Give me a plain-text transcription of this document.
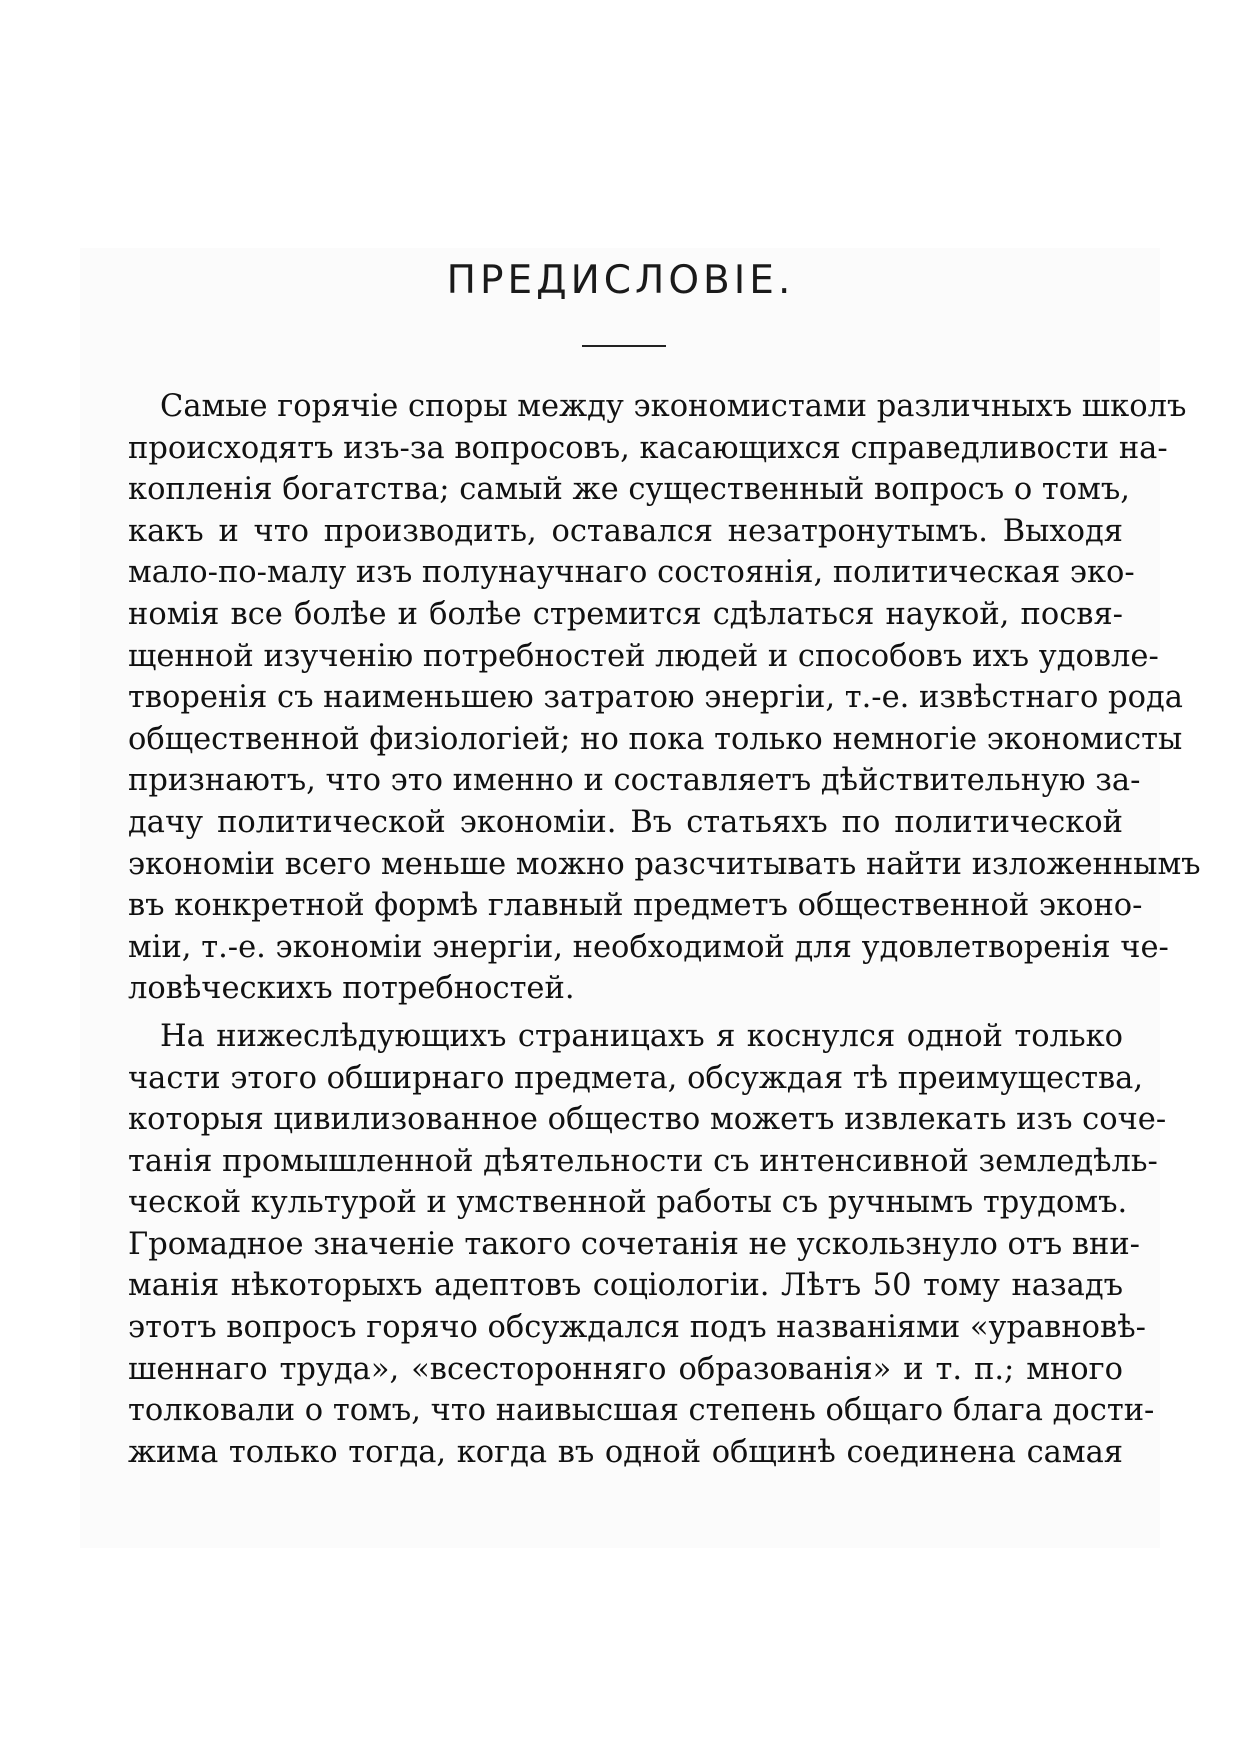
ПРЕДИСЛОВIЕ.
Самые горячiе споры между экономистами различныхъ школъ
происходятъ изъ-за вопросовъ, касающихся справедливости на-
копленiя богатства; самый же существенный вопросъ о томъ,
какъ и что производить, оставался незатронутымъ. Выходя
мало-по-малу изъ полунаучнаго состоянiя, политическая эко-
номiя все болѣе и болѣе стремится сдѣлаться наукой, посвя-
щенной изученiю потребностей людей и способовъ ихъ удовле-
творенiя съ наименьшею затратою энергiи, т.-е. извѣстнаго рода
общественной физiологiей; но пока только немногiе экономисты
признаютъ, что это именно и составляетъ дѣйствительную за-
дачу политической экономiи. Въ статьяхъ по политической
экономiи всего меньше можно разсчитывать найти изложеннымъ
въ конкретной формѣ главный предметъ общественной эконо-
мiи, т.-е. экономiи энергiи, необходимой для удовлетворенiя че-
ловѣческихъ потребностей.
На нижеслѣдующихъ страницахъ я коснулся одной только
части этого обширнаго предмета, обсуждая тѣ преимущества,
которыя цивилизованное общество можетъ извлекать изъ соче-
танiя промышленной дѣятельности съ интенсивной земледѣль-
ческой культурой и умственной работы съ ручнымъ трудомъ.
Громадное значенiе такого сочетанiя не ускользнуло отъ вни-
манiя нѣкоторыхъ адептовъ соцiологiи. Лѣтъ 50 тому назадъ
этотъ вопросъ горячо обсуждался подъ названiями «уравновѣ-
шеннаго труда», «всесторонняго образованiя» и т. п.; много
толковали о томъ, что наивысшая степень общаго блага дости-
жима только тогда, когда въ одной общинѣ соединена самая
